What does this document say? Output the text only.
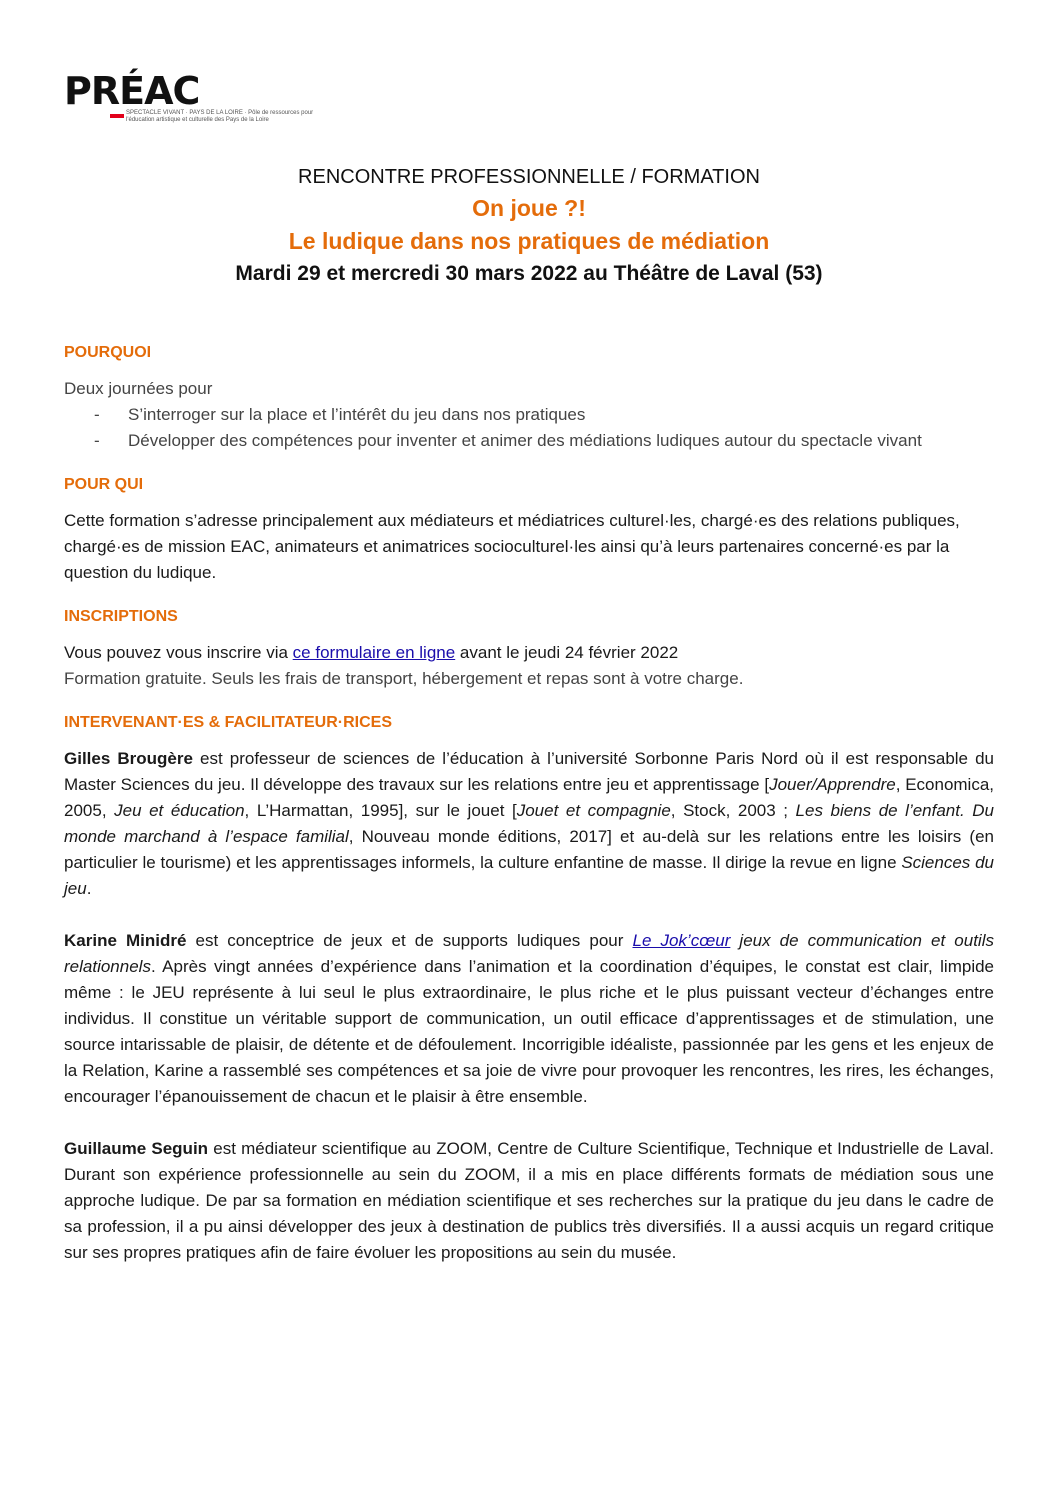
PRÉAC
SPECTACLE VIVANT · PAYS DE LA LOIRE · Pôle de ressources pour l'éducation artistique et culturelle des Pays de la Loire
RENCONTRE PROFESSIONNELLE / FORMATION
On joue ?!
Le ludique dans nos pratiques de médiation
Mardi 29 et mercredi 30 mars 2022 au Théâtre de Laval (53)
POURQUOI

Deux journées pour

- S’interroger sur la place et l’intérêt du jeu dans nos pratiques
- Développer des compétences pour inventer et animer des médiations ludiques autour du spectacle vivant
POUR QUI

Cette formation s’adresse principalement aux médiateurs et médiatrices culturel·les, chargé·es des relations publiques, chargé·es de mission EAC, animateurs et animatrices socioculturel·les ainsi qu’à leurs partenaires concerné·es par la question du ludique.

INSCRIPTIONS

Vous pouvez vous inscrire via ce formulaire en ligne avant le jeudi 24 février 2022

Formation gratuite. Seuls les frais de transport, hébergement et repas sont à votre charge.

INTERVENANT·ES & FACILITATEUR·RICES

Gilles Brougère est professeur de sciences de l’éducation à l’université Sorbonne Paris Nord où il est responsable du Master Sciences du jeu. Il développe des travaux sur les relations entre jeu et apprentissage [Jouer/Apprendre, Economica, 2005, Jeu et éducation, L’Harmattan, 1995], sur le jouet [Jouet et compagnie, Stock, 2003 ; Les biens de l’enfant. Du monde marchand à l’espace familial, Nouveau monde éditions, 2017] et au-delà sur les relations entre les loisirs (en particulier le tourisme) et les apprentissages informels, la culture enfantine de masse. Il dirige la revue en ligne Sciences du jeu.

Karine Minidré est conceptrice de jeux et de supports ludiques pour Le Jok’cœur jeux de communication et outils relationnels. Après vingt années d’expérience dans l’animation et la coordination d’équipes, le constat est clair, limpide même : le JEU représente à lui seul le plus extraordinaire, le plus riche et le plus puissant vecteur d’échanges entre individus. Il constitue un véritable support de communication, un outil efficace d’apprentissages et de stimulation, une source intarissable de plaisir, de détente et de défoulement. Incorrigible idéaliste, passionnée par les gens et les enjeux de la Relation, Karine a rassemblé ses compétences et sa joie de vivre pour provoquer les rencontres, les rires, les échanges, encourager l’épanouissement de chacun et le plaisir à être ensemble.

Guillaume Seguin est médiateur scientifique au ZOOM, Centre de Culture Scientifique, Technique et Industrielle de Laval. Durant son expérience professionnelle au sein du ZOOM, il a mis en place différents formats de médiation sous une approche ludique. De par sa formation en médiation scientifique et ses recherches sur la pratique du jeu dans le cadre de sa profession, il a pu ainsi développer des jeux à destination de publics très diversifiés. Il a aussi acquis un regard critique sur ses propres pratiques afin de faire évoluer les propositions au sein du musée.
